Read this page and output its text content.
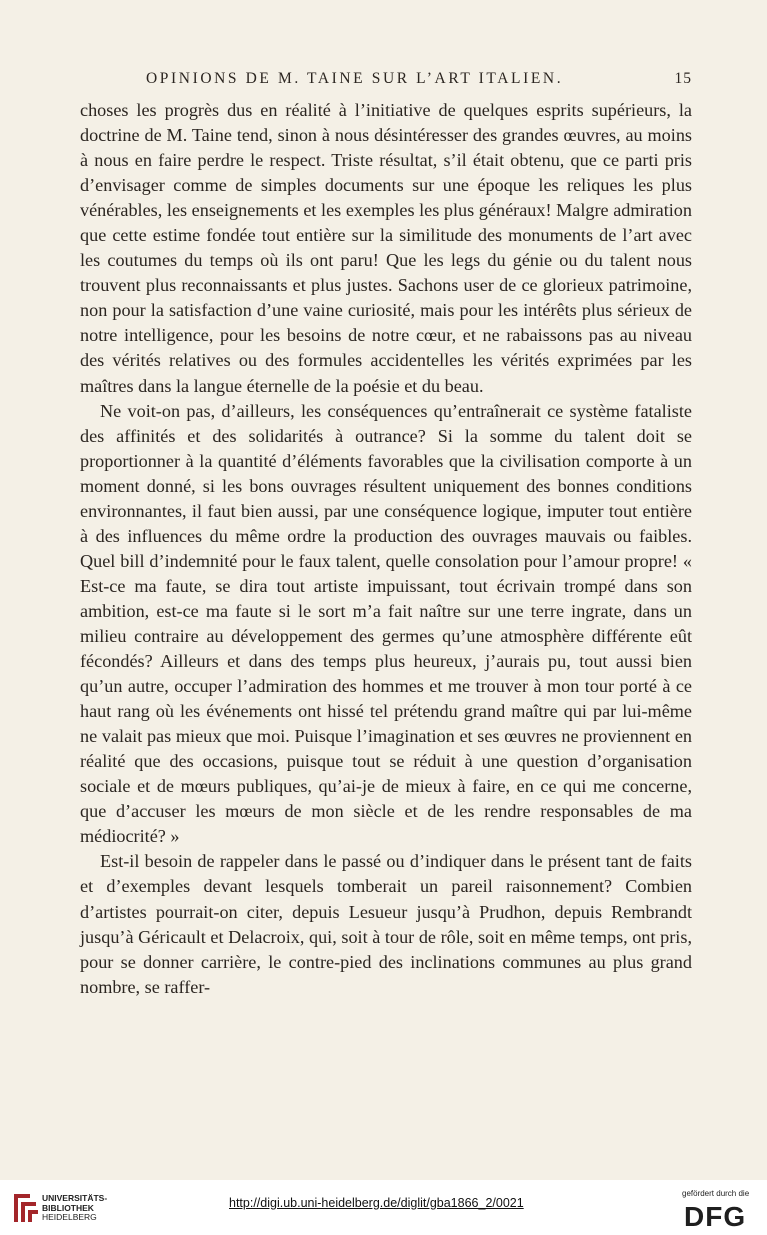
OPINIONS DE M. TAINE SUR L’ART ITALIEN.	15

choses les progrès dus en réalité à l’initiative de quelques esprits supérieurs, la doctrine de M. Taine tend, sinon à nous désintéresser des grandes œuvres, au moins à nous en faire perdre le respect. Triste résultat, s’il était obtenu, que ce parti pris d’envisager comme de simples documents sur une époque les reliques les plus vénérables, les enseignements et les exemples les plus généraux! Malgre admiration que cette estime fondée tout entière sur la similitude des monuments de l’art avec les coutumes du temps où ils ont paru! Que les legs du génie ou du talent nous trouvent plus reconnaissants et plus justes. Sachons user de ce glorieux patrimoine, non pour la satisfaction d’une vaine curiosité, mais pour les intérêts plus sérieux de notre intelligence, pour les besoins de notre cœur, et ne rabaissons pas au niveau des vérités relatives ou des formules accidentelles les vérités exprimées par les maîtres dans la langue éternelle de la poésie et du beau.

Ne voit-on pas, d’ailleurs, les conséquences qu’entraînerait ce système fataliste des affinités et des solidarités à outrance? Si la somme du talent doit se proportionner à la quantité d’éléments favorables que la civilisation comporte à un moment donné, si les bons ouvrages résultent uniquement des bonnes conditions environnantes, il faut bien aussi, par une conséquence logique, imputer tout entière à des influences du même ordre la production des ouvrages mauvais ou faibles. Quel bill d’indemnité pour le faux talent, quelle consolation pour l’amour propre! « Est-ce ma faute, se dira tout artiste impuissant, tout écrivain trompé dans son ambition, est-ce ma faute si le sort m’a fait naître sur une terre ingrate, dans un milieu contraire au développement des germes qu’une atmosphère différente eût fécondés? Ailleurs et dans des temps plus heureux, j’aurais pu, tout aussi bien qu’un autre, occuper l’admiration des hommes et me trouver à mon tour porté à ce haut rang où les événements ont hissé tel prétendu grand maître qui par lui-même ne valait pas mieux que moi. Puisque l’imagination et ses œuvres ne proviennent en réalité que des occasions, puisque tout se réduit à une question d’organisation sociale et de mœurs publiques, qu’ai-je de mieux à faire, en ce qui me concerne, que d’accuser les mœurs de mon siècle et de les rendre responsables de ma médiocrité? »

Est-il besoin de rappeler dans le passé ou d’indiquer dans le présent tant de faits et d’exemples devant lesquels tomberait un pareil raisonnement? Combien d’artistes pourrait-on citer, depuis Lesueur jusqu’à Prudhon, depuis Rembrandt jusqu’à Géricault et Delacroix, qui, soit à tour de rôle, soit en même temps, ont pris, pour se donner carrière, le contre-pied des inclinations communes au plus grand nombre, se raffer-

UNIVERSITÄTS-
BIBLIOTHEK
HEIDELBERG
http://digi.ub.uni-heidelberg.de/diglit/gba1866_2/0021
gefördert durch die
DFG
